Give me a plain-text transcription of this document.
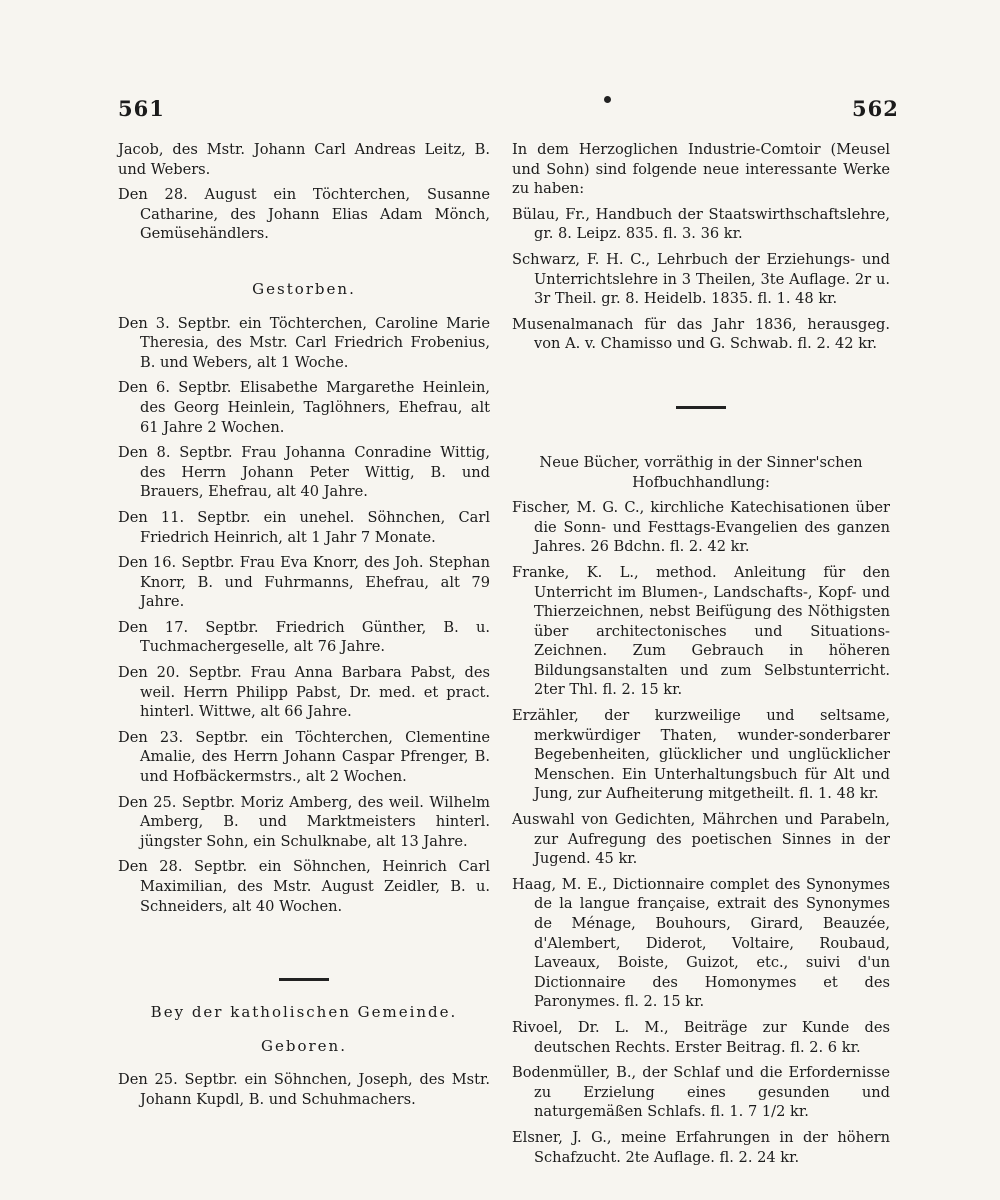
561	562

Jacob, des Mstr. Johann Carl Andreas Leitz, B. und Webers.

Den 28. August ein Töchterchen, Susanne Catharine, des Johann Elias Adam Mönch, Gemüsehändlers.

Gestorben.

Den 3. Septbr. ein Töchterchen, Caroline Marie Theresia, des Mstr. Carl Friedrich Frobenius, B. und Webers, alt 1 Woche.

Den 6. Septbr. Elisabethe Margarethe Heinlein, des Georg Heinlein, Taglöhners, Ehefrau, alt 61 Jahre 2 Wochen.

Den 8. Septbr. Frau Johanna Conradine Wittig, des Herrn Johann Peter Wittig, B. und Brauers, Ehefrau, alt 40 Jahre.

Den 11. Septbr. ein unehel. Söhnchen, Carl Friedrich Heinrich, alt 1 Jahr 7 Monate.

Den 16. Septbr. Frau Eva Knorr, des Joh. Stephan Knorr, B. und Fuhrmanns, Ehefrau, alt 79 Jahre.

Den 17. Septbr. Friedrich Günther, B. u. Tuchmachergeselle, alt 76 Jahre.

Den 20. Septbr. Frau Anna Barbara Pabst, des weil. Herrn Philipp Pabst, Dr. med. et pract. hinterl. Wittwe, alt 66 Jahre.

Den 23. Septbr. ein Töchterchen, Clementine Amalie, des Herrn Johann Caspar Pfrenger, B. und Hofbäckermstrs., alt 2 Wochen.

Den 25. Septbr. Moriz Amberg, des weil. Wilhelm Amberg, B. und Marktmeisters hinterl. jüngster Sohn, ein Schulknabe, alt 13 Jahre.

Den 28. Septbr. ein Söhnchen, Heinrich Carl Maximilian, des Mstr. August Zeidler, B. u. Schneiders, alt 40 Wochen.

Bey der katholischen Gemeinde.

Geboren.

Den 25. Septbr. ein Söhnchen, Joseph, des Mstr. Johann Kupdl, B. und Schuhmachers.

In dem Herzoglichen Industrie-Comtoir (Meusel und Sohn) sind folgende neue interessante Werke zu haben:

Bülau, Fr., Handbuch der Staatswirthschaftslehre, gr. 8. Leipz. 835. fl. 3. 36 kr.

Schwarz, F. H. C., Lehrbuch der Erziehungs- und Unterrichtslehre in 3 Theilen, 3te Auflage. 2r u. 3r Theil. gr. 8. Heidelb. 1835. fl. 1. 48 kr.

Musenalmanach für das Jahr 1836, herausgeg. von A. v. Chamisso und G. Schwab. fl. 2. 42 kr.

Neue Bücher, vorräthig in der Sinner'schen Hofbuchhandlung:

Fischer, M. G. C., kirchliche Katechisationen über die Sonn- und Festtags-Evangelien des ganzen Jahres. 26 Bdchn. fl. 2. 42 kr.

Franke, K. L., method. Anleitung für den Unterricht im Blumen-, Landschafts-, Kopf- und Thierzeichnen, nebst Beifügung des Nöthigsten über architectonisches und Situations-Zeichnen. Zum Gebrauch in höheren Bildungsanstalten und zum Selbstunterricht. 2ter Thl. fl. 2. 15 kr.

Erzähler, der kurzweilige und seltsame, merkwürdiger Thaten, wunder-sonderbarer Begebenheiten, glücklicher und unglücklicher Menschen. Ein Unterhaltungsbuch für Alt und Jung, zur Aufheiterung mitgetheilt. fl. 1. 48 kr.

Auswahl von Gedichten, Mährchen und Parabeln, zur Aufregung des poetischen Sinnes in der Jugend. 45 kr.

Haag, M. E., Dictionnaire complet des Synonymes de la langue française, extrait des Synonymes de Ménage, Bouhours, Girard, Beauzée, d'Alembert, Diderot, Voltaire, Roubaud, Laveaux, Boiste, Guizot, etc., suivi d'un Dictionnaire des Homonymes et des Paronymes. fl. 2. 15 kr.

Rivoel, Dr. L. M., Beiträge zur Kunde des deutschen Rechts. Erster Beitrag. fl. 2. 6 kr.

Bodenmüller, B., der Schlaf und die Erfordernisse zu Erzielung eines gesunden und naturgemäßen Schlafs. fl. 1. 7 1/2 kr.

Elsner, J. G., meine Erfahrungen in der höhern Schafzucht. 2te Auflage. fl. 2. 24 kr.
